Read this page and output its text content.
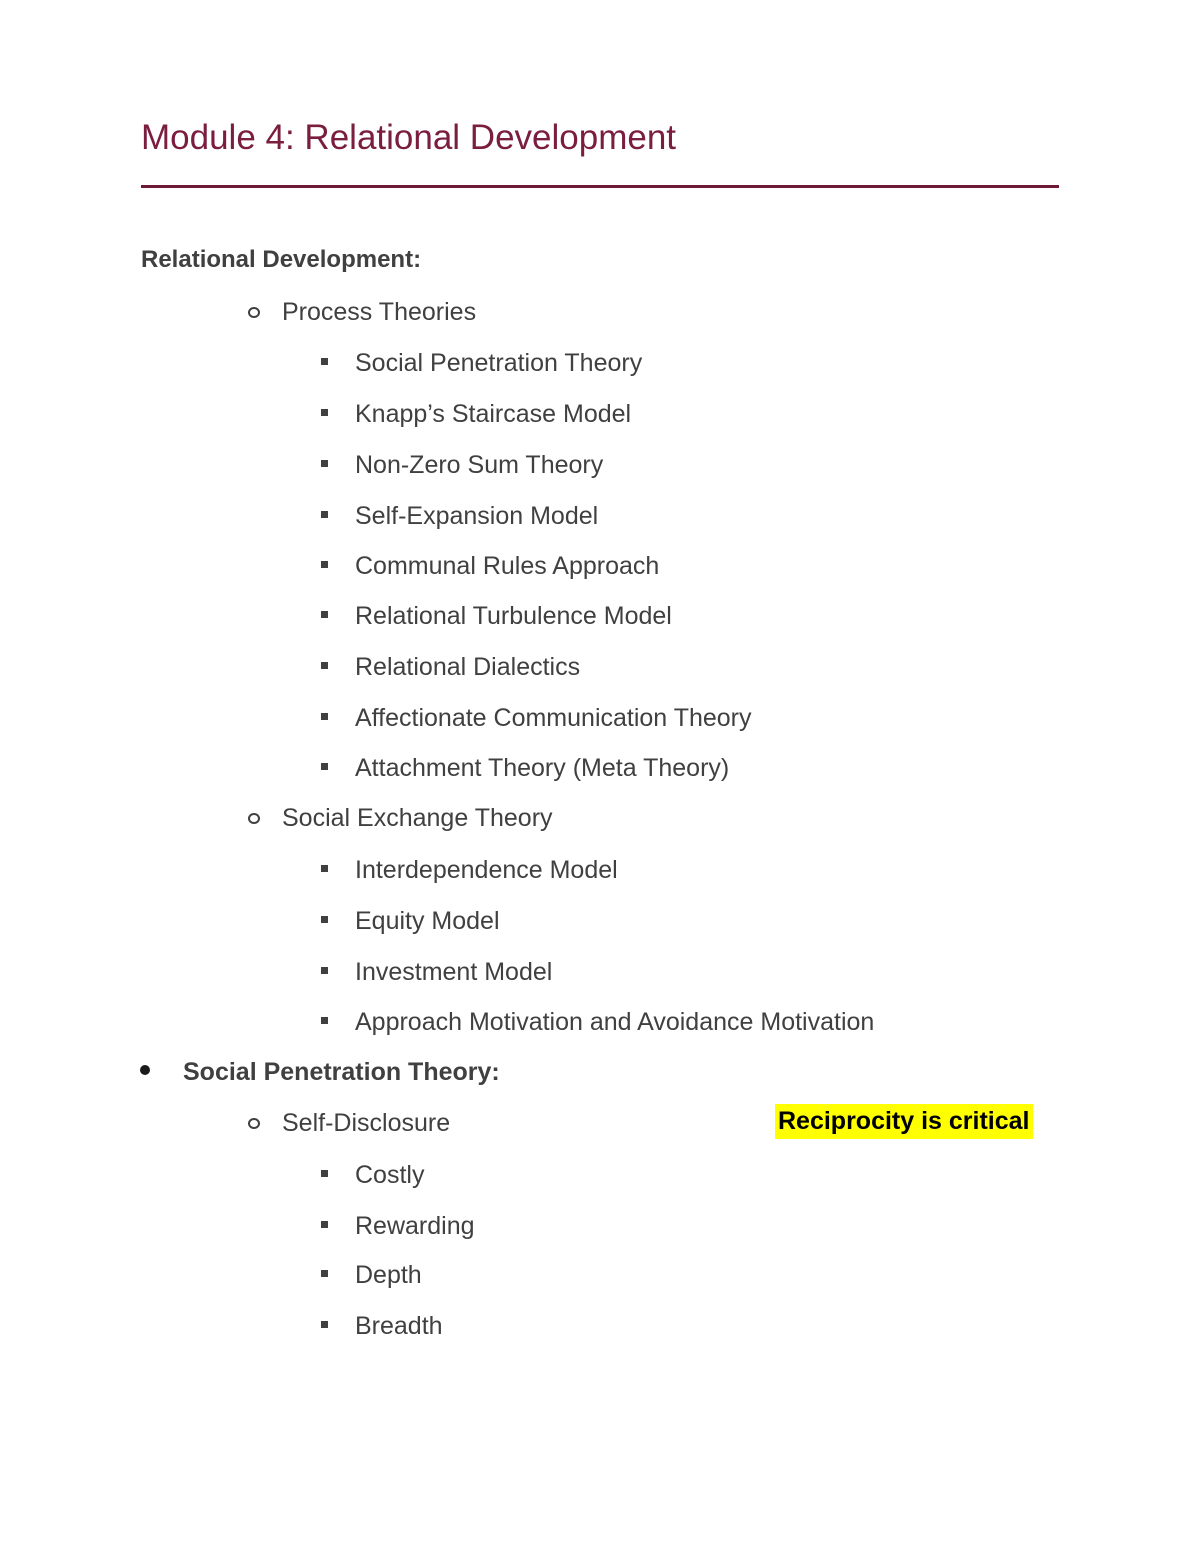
Module 4: Relational Development
Relational Development:
Process Theories
Social Penetration Theory
Knapp’s Staircase Model
Non-Zero Sum Theory
Self-Expansion Model
Communal Rules Approach
Relational Turbulence Model
Relational Dialectics
Affectionate Communication Theory
Attachment Theory (Meta Theory)
Social Exchange Theory
Interdependence Model
Equity Model
Investment Model
Approach Motivation and Avoidance Motivation
Social Penetration Theory:
Self-Disclosure	Reciprocity is critical
Costly
Rewarding
Depth
Breadth
